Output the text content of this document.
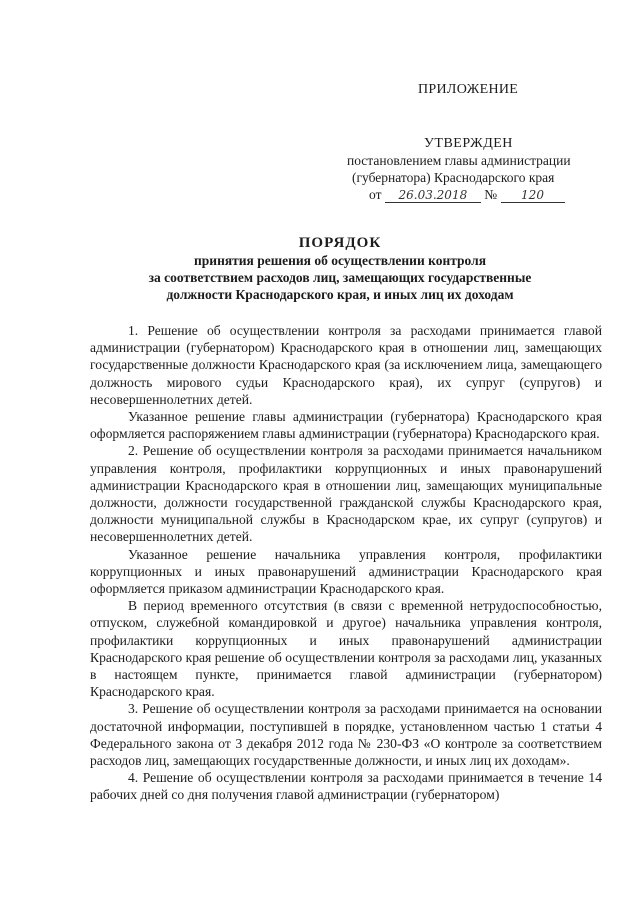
ПРИЛОЖЕНИЕ
УТВЕРЖДЕН
постановлением главы администрации
(губернатора) Краснодарского края
от 26.03.2018 № 120
ПОРЯДОК
принятия решения об осуществлении контроля
за соответствием расходов лиц, замещающих государственные
должности Краснодарского края, и иных лиц их доходам

1. Решение об осуществлении контроля за расходами принимается главой администрации (губернатором) Краснодарского края в отношении лиц, замещающих государственные должности Краснодарского края (за исключением лица, замещающего должность мирового судьи Краснодарского края), их супруг (супругов) и несовершеннолетних детей.

Указанное решение главы администрации (губернатора) Краснодарского края оформляется распоряжением главы администрации (губернатора) Краснодарского края.

2. Решение об осуществлении контроля за расходами принимается начальником управления контроля, профилактики коррупционных и иных правонарушений администрации Краснодарского края в отношении лиц, замещающих муниципальные должности, должности государственной гражданской службы Краснодарского края, должности муниципальной службы в Краснодарском крае, их супруг (супругов) и несовершеннолетних детей.

Указанное решение начальника управления контроля, профилактики коррупционных и иных правонарушений администрации Краснодарского края оформляется приказом администрации Краснодарского края.

В период временного отсутствия (в связи с временной нетрудоспособностью, отпуском, служебной командировкой и другое) начальника управления контроля, профилактики коррупционных и иных правонарушений администрации Краснодарского края решение об осуществлении контроля за расходами лиц, указанных в настоящем пункте, принимается главой администрации (губернатором) Краснодарского края.

3. Решение об осуществлении контроля за расходами принимается на основании достаточной информации, поступившей в порядке, установленном частью 1 статьи 4 Федерального закона от 3 декабря 2012 года № 230-ФЗ «О контроле за соответствием расходов лиц, замещающих государственные должности, и иных лиц их доходам».

4. Решение об осуществлении контроля за расходами принимается в течение 14 рабочих дней со дня получения главой администрации (губернатором)
